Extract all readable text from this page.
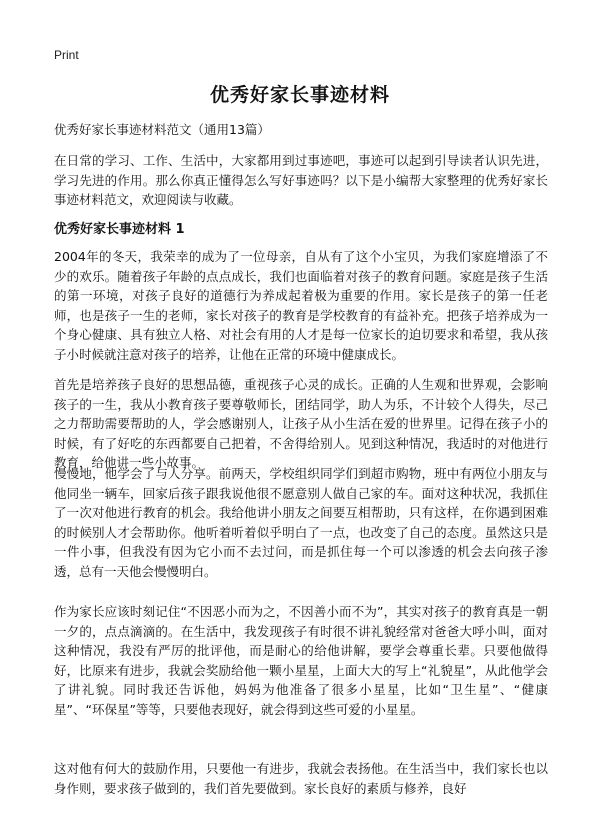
Print
优秀好家长事迹材料

优秀好家长事迹材料范文（通用13篇）

在日常的学习、工作、生活中，大家都用到过事迹吧，事迹可以起到引导读者认识先进，学习先进的作用。那么你真正懂得怎么写好事迹吗？以下是小编帮大家整理的优秀好家长事迹材料范文，欢迎阅读与收藏。

优秀好家长事迹材料 1

2004年的冬天，我荣幸的成为了一位母亲，自从有了这个小宝贝，为我们家庭增添了不少的欢乐。随着孩子年龄的点点成长，我们也面临着对孩子的教育问题。家庭是孩子生活的第一环境，对孩子良好的道德行为养成起着极为重要的作用。家长是孩子的第一任老师，也是孩子一生的老师，家长对孩子的教育是学校教育的有益补充。把孩子培养成为一个身心健康、具有独立人格、对社会有用的人才是每一位家长的迫切要求和希望，我从孩子小时候就注意对孩子的培养，让他在正常的环境中健康成长。

首先是培养孩子良好的思想品德，重视孩子心灵的成长。正确的人生观和世界观，会影响孩子的一生，我从小教育孩子要尊敬师长，团结同学，助人为乐，不计较个人得失，尽己之力帮助需要帮助的人，学会感谢别人，让孩子从小生活在爱的世界里。记得在孩子小的时候，有了好吃的东西都要自己把着，不舍得给别人。见到这种情况，我适时的对他进行教育，给他讲一些小故事。

慢慢地，他学会了与人分享。前两天，学校组织同学们到超市购物，班中有两位小朋友与他同坐一辆车，回家后孩子跟我说他很不愿意别人做自己家的车。面对这种状况，我抓住了一次对他进行教育的机会。我给他讲小朋友之间要互相帮助，只有这样，在你遇到困难的时候别人才会帮助你。他听着听着似乎明白了一点，也改变了自己的态度。虽然这只是一件小事，但我没有因为它小而不去过问，而是抓住每一个可以渗透的机会去向孩子渗透，总有一天他会慢慢明白。

作为家长应该时刻记住“不因恶小而为之，不因善小而不为”，其实对孩子的教育真是一朝一夕的，点点滴滴的。在生活中，我发现孩子有时很不讲礼貌经常对爸爸大呼小叫，面对这种情况，我没有严厉的批评他，而是耐心的给他讲解，要学会尊重长辈。只要他做得好，比原来有进步，我就会奖励给他一颗小星星，上面大大的写上“礼貌星”，从此他学会了讲礼貌。同时我还告诉他，妈妈为他准备了很多小星星，比如“卫生星”、“健康星”、“环保星”等等，只要他表现好，就会得到这些可爱的小星星。

这对他有何大的鼓励作用，只要他一有进步，我就会表扬他。在生活当中，我们家长也以身作则，要求孩子做到的，我们首先要做到。家长良好的素质与修养，良好
